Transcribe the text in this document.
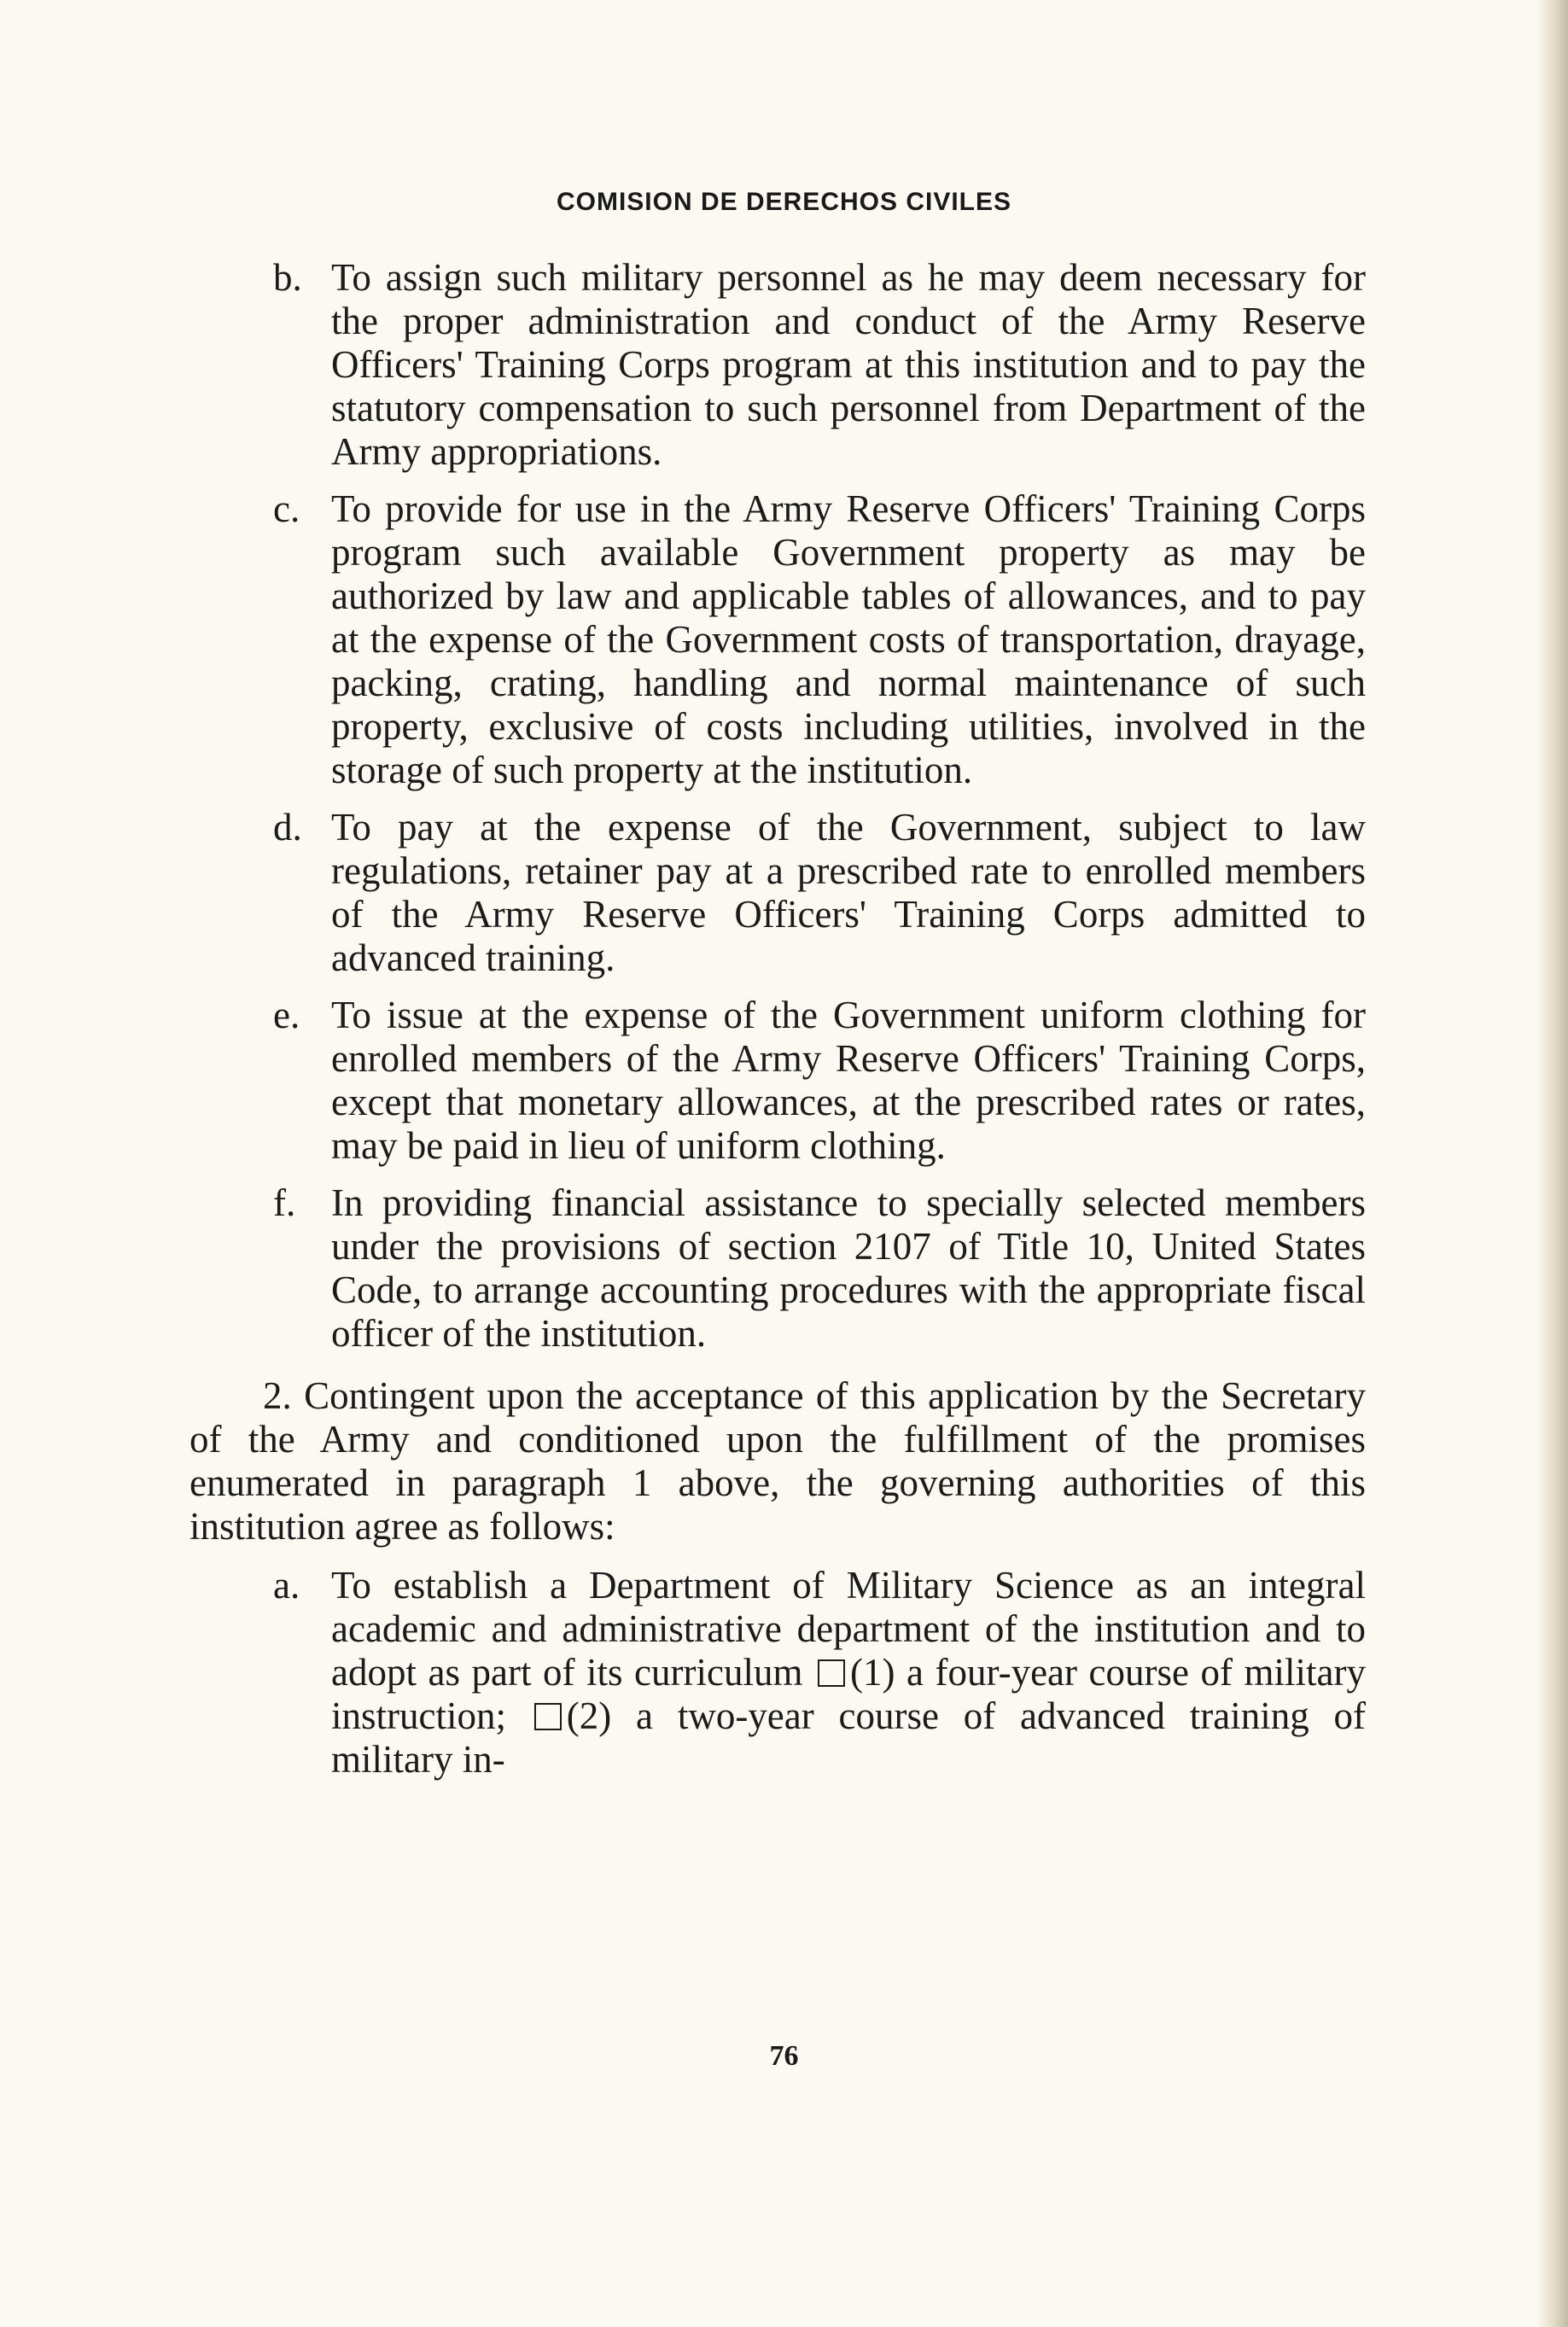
COMISION DE DERECHOS CIVILES
b. To assign such military personnel as he may deem necessary for the proper administration and conduct of the Army Reserve Officers' Training Corps program at this institution and to pay the statutory compensation to such personnel from Department of the Army appropriations.
c. To provide for use in the Army Reserve Officers' Training Corps program such available Government property as may be authorized by law and applicable tables of allowances, and to pay at the expense of the Government costs of transportation, drayage, packing, crating, handling and normal maintenance of such property, exclusive of costs including utilities, involved in the storage of such property at the institution.
d. To pay at the expense of the Government, subject to law regulations, retainer pay at a prescribed rate to enrolled members of the Army Reserve Officers' Training Corps admitted to advanced training.
e. To issue at the expense of the Government uniform clothing for enrolled members of the Army Reserve Officers' Training Corps, except that monetary allowances, at the prescribed rates or rates, may be paid in lieu of uniform clothing.
f. In providing financial assistance to specially selected members under the provisions of section 2107 of Title 10, United States Code, to arrange accounting procedures with the appropriate fiscal officer of the institution.
2. Contingent upon the acceptance of this application by the Secretary of the Army and conditioned upon the fulfillment of the promises enumerated in paragraph 1 above, the governing authorities of this institution agree as follows:
a. To establish a Department of Military Science as an integral academic and administrative department of the institution and to adopt as part of its curriculum (1) a four-year course of military instruction; (2) a two-year course of advanced training of military in-
76
